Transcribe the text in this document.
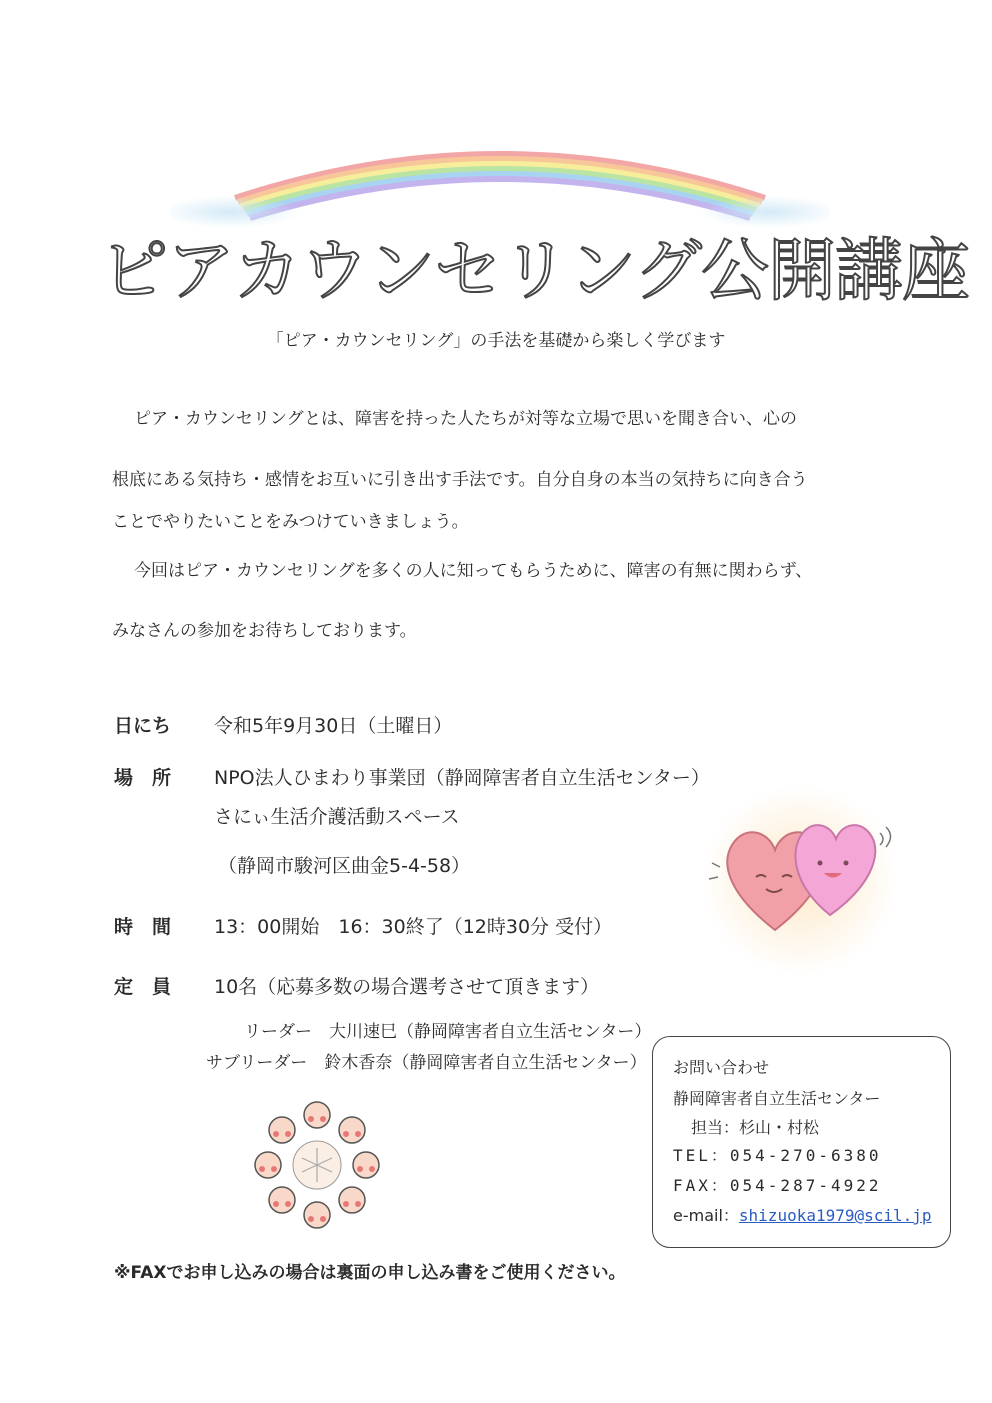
ピアカウンセリング公開講座
「ピア・カウンセリング」の手法を基礎から楽しく学びます
ピア・カウンセリングとは、障害を持った人たちが対等な立場で思いを聞き合い、心の
根底にある気持ち・感情をお互いに引き出す手法です。自分自身の本当の気持ちに向き合う
ことでやりたいことをみつけていきましょう。
今回はピア・カウンセリングを多くの人に知ってもらうために、障害の有無に関わらず、
みなさんの参加をお待ちしております。
日にち 令和5年9月30日（土曜日）
場　所 NPO法人ひまわり事業団（静岡障害者自立生活センター）
さにぃ生活介護活動スペース
（静岡市駿河区曲金5-4-58）
時　間 13：00開始　16：30終了（12時30分 受付）
定　員 10名（応募多数の場合選考させて頂きます）
リーダー　大川速巳（静岡障害者自立生活センター）
サブリーダー　鈴木香奈（静岡障害者自立生活センター） お問い合わせ
静岡障害者自立生活センター
担当：杉山・村松
TEL：054-270-6380
FAX：054-287-4922
e-mail：shizuoka1979@scil.jp
※FAXでお申し込みの場合は裏面の申し込み書をご使用ください。
